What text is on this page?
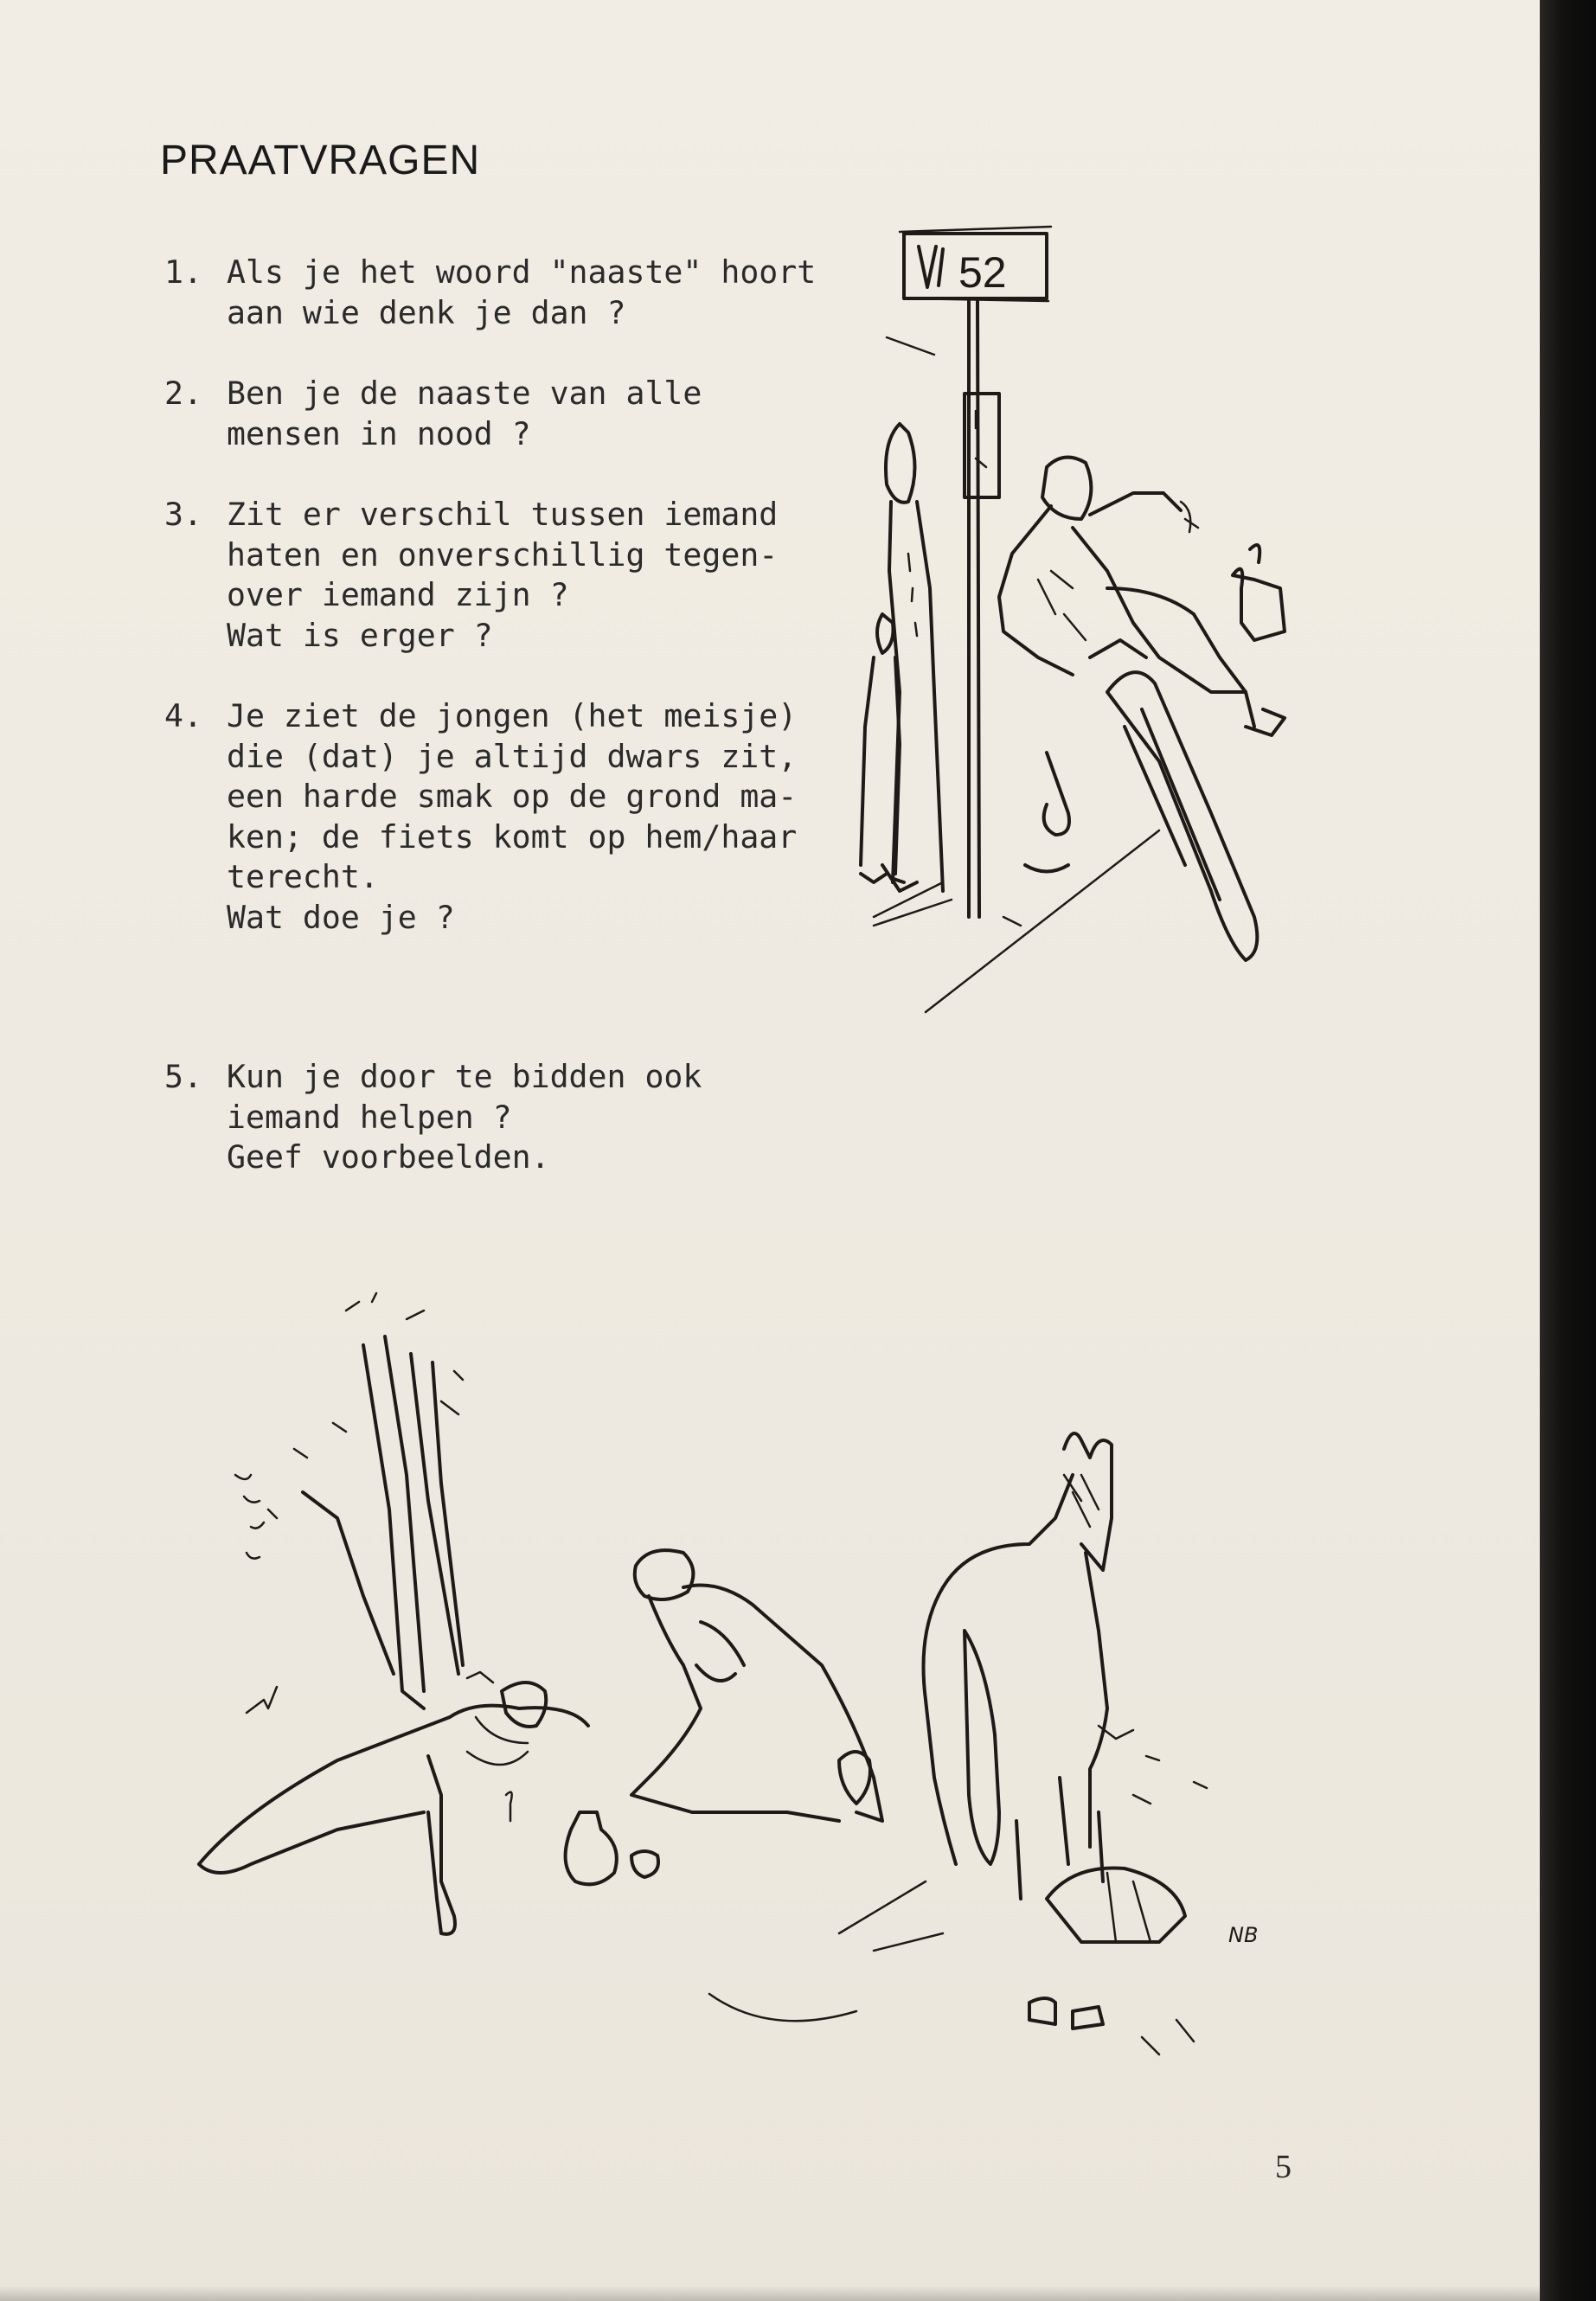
PRAATVRAGEN
1. Als je het woord "naaste" hoort
aan wie denk je dan ?
2. Ben je de naaste van alle
mensen in nood ?
3. Zit er verschil tussen iemand
haten en onverschillig tegen-
over iemand zijn ?
Wat is erger ?
4. Je ziet de jongen (het meisje)
die (dat) je altijd dwars zit,
een harde smak op de grond ma-
ken; de fiets komt op hem/haar
terecht.
Wat doe je ?
5. Kun je door te bidden ook
iemand helpen ?
Geef voorbeelden.
52
NB
5
